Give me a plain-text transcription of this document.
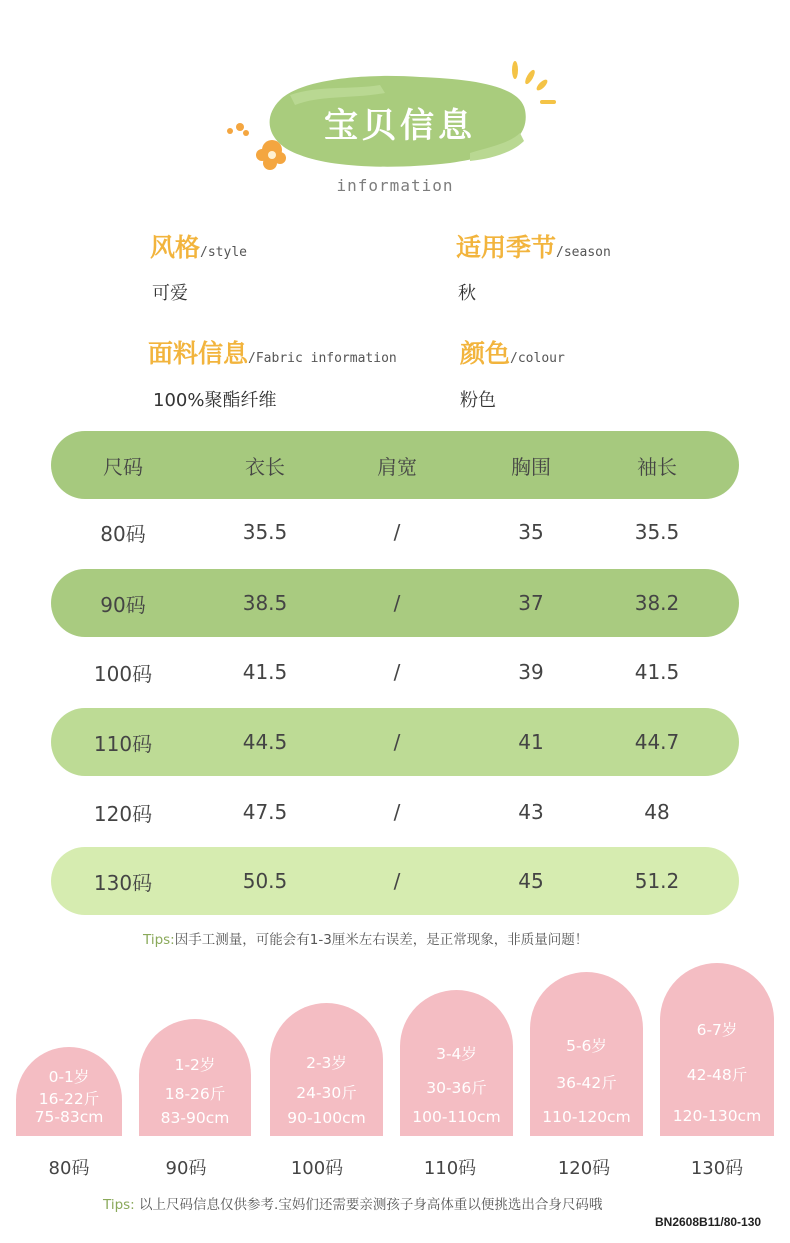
宝贝信息
information
风格/style
可爱
适用季节/season
秋
面料信息/Fabric information
100%聚酯纤维
颜色/colour
粉色
尺码	衣长	肩宽	胸围	袖长
80码	35.5	/	35	35.5
90码	38.5	/	37	38.2
100码	41.5	/	39	41.5
110码	44.5	/	41	44.7
120码	47.5	/	43	48
130码	50.5	/	45	51.2
Tips:因手工测量，可能会有1-3厘米左右误差，是正常现象，非质量问题！
0-1岁
16-22斤
75-83cm
1-2岁
18-26斤
83-90cm
2-3岁
24-30斤
90-100cm
3-4岁
30-36斤
100-110cm
5-6岁
36-42斤
110-120cm
6-7岁
42-48斤
120-130cm
80码	90码	100码	110码	120码	130码
Tips: 以上尺码信息仅供参考.宝妈们还需要亲测孩子身高体重以便挑选出合身尺码哦
BN2608B11/80-130
